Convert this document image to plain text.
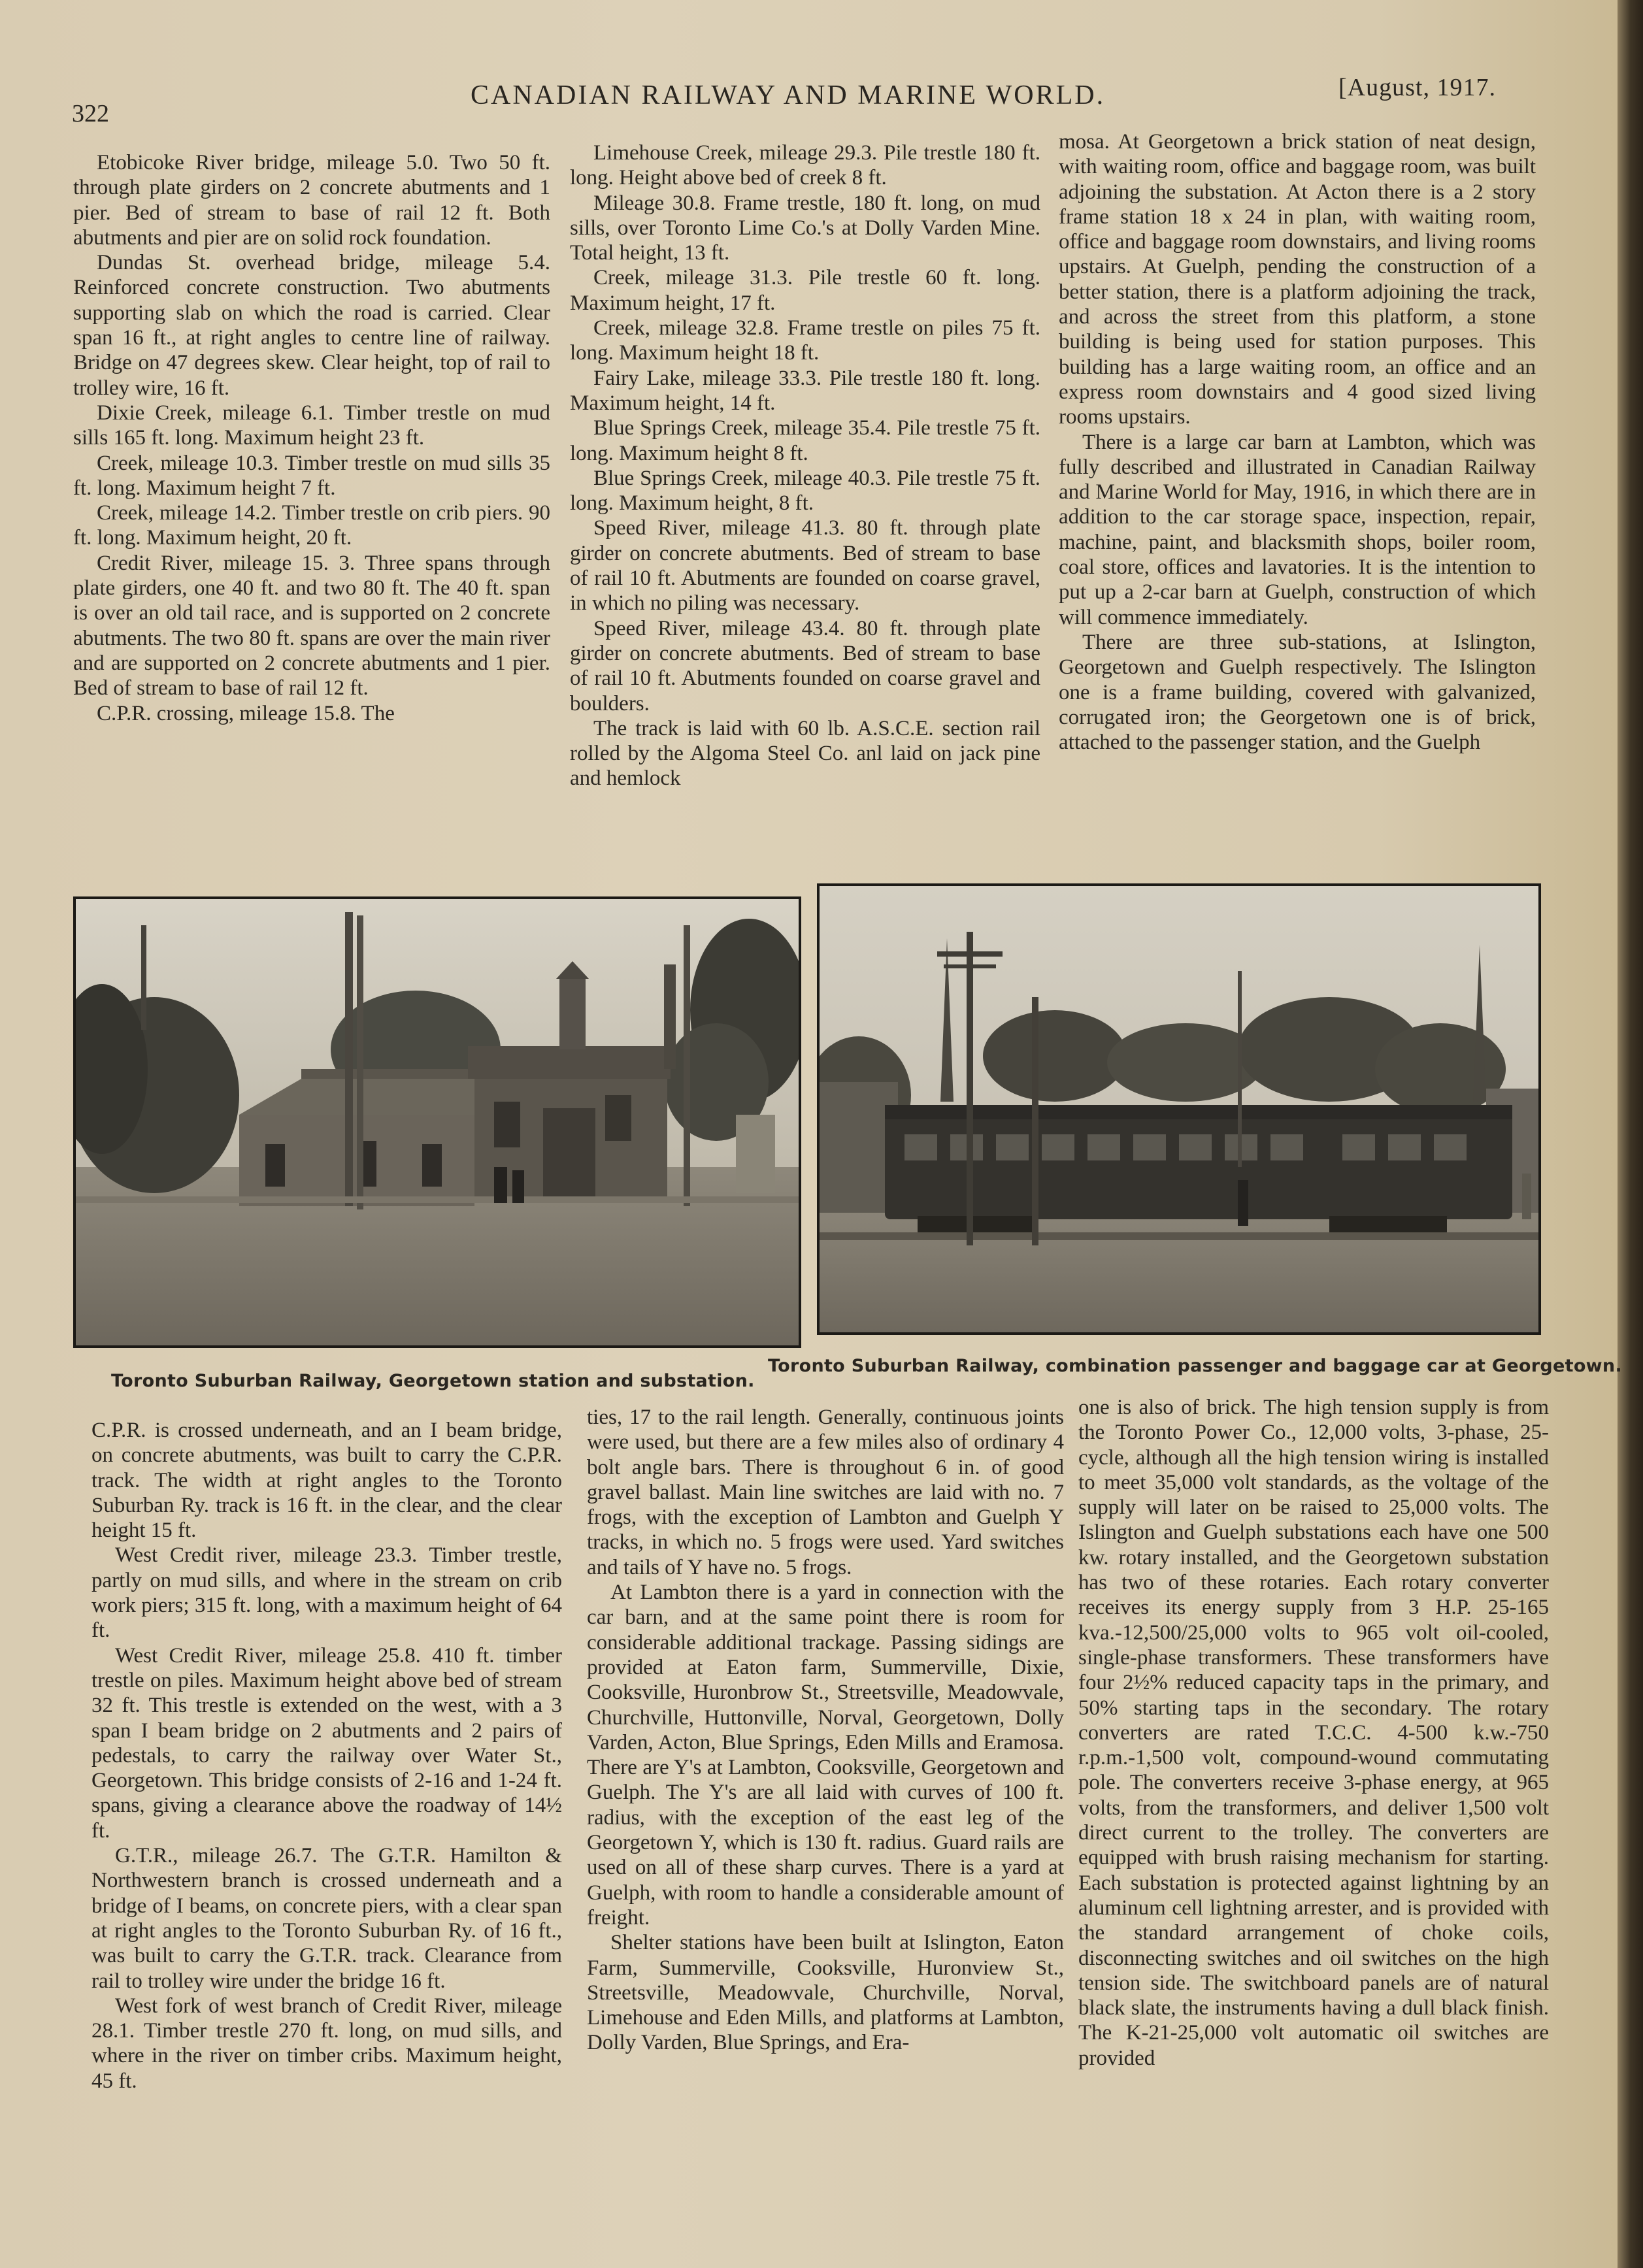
322
CANADIAN RAILWAY AND MARINE WORLD.	[August, 1917.

Etobicoke River bridge, mileage 5.0. Two 50 ft. through plate girders on 2 concrete abutments and 1 pier. Bed of stream to base of rail 12 ft. Both abutments and pier are on solid rock foundation.

Dundas St. overhead bridge, mileage 5.4. Reinforced concrete construction. Two abutments supporting slab on which the road is carried. Clear span 16 ft., at right angles to centre line of railway. Bridge on 47 degrees skew. Clear height, top of rail to trolley wire, 16 ft.

Dixie Creek, mileage 6.1. Timber trestle on mud sills 165 ft. long. Maximum height 23 ft.

Creek, mileage 10.3. Timber trestle on mud sills 35 ft. long. Maximum height 7 ft.

Creek, mileage 14.2. Timber trestle on crib piers. 90 ft. long. Maximum height, 20 ft.

Credit River, mileage 15. 3. Three spans through plate girders, one 40 ft. and two 80 ft. The 40 ft. span is over an old tail race, and is supported on 2 concrete abutments. The two 80 ft. spans are over the main river and are supported on 2 concrete abutments and 1 pier. Bed of stream to base of rail 12 ft.

C.P.R. crossing, mileage 15.8. The

Limehouse Creek, mileage 29.3. Pile trestle 180 ft. long. Height above bed of creek 8 ft.

Mileage 30.8. Frame trestle, 180 ft. long, on mud sills, over Toronto Lime Co.'s at Dolly Varden Mine. Total height, 13 ft.

Creek, mileage 31.3. Pile trestle 60 ft. long. Maximum height, 17 ft.

Creek, mileage 32.8. Frame trestle on piles 75 ft. long. Maximum height 18 ft.

Fairy Lake, mileage 33.3. Pile trestle 180 ft. long. Maximum height, 14 ft.

Blue Springs Creek, mileage 35.4. Pile trestle 75 ft. long. Maximum height 8 ft.

Blue Springs Creek, mileage 40.3. Pile trestle 75 ft. long. Maximum height, 8 ft.

Speed River, mileage 41.3. 80 ft. through plate girder on concrete abutments. Bed of stream to base of rail 10 ft. Abutments are founded on coarse gravel, in which no piling was necessary.

Speed River, mileage 43.4. 80 ft. through plate girder on concrete abutments. Bed of stream to base of rail 10 ft. Abutments founded on coarse gravel and boulders.

The track is laid with 60 lb. A.S.C.E. section rail rolled by the Algoma Steel Co. anl laid on jack pine and hemlock

mosa. At Georgetown a brick station of neat design, with waiting room, office and baggage room, was built adjoining the substation. At Acton there is a 2 story frame station 18 x 24 in plan, with waiting room, office and baggage room downstairs, and living rooms upstairs. At Guelph, pending the construction of a better station, there is a platform adjoining the track, and across the street from this platform, a stone building is being used for station purposes. This building has a large waiting room, an office and an express room downstairs and 4 good sized living rooms upstairs.

There is a large car barn at Lambton, which was fully described and illustrated in Canadian Railway and Marine World for May, 1916, in which there are in addition to the car storage space, inspection, repair, machine, paint, and blacksmith shops, boiler room, coal store, offices and lavatories. It is the intention to put up a 2-car barn at Guelph, construction of which will commence immediately.

There are three sub-stations, at Islington, Georgetown and Guelph respectively. The Islington one is a frame building, covered with galvanized, corrugated iron; the Georgetown one is of brick, attached to the passenger station, and the Guelph

Toronto Suburban Railway, Georgetown station and substation.
Toronto Suburban Railway, combination passenger and baggage car at Georgetown.

C.P.R. is crossed underneath, and an I beam bridge, on concrete abutments, was built to carry the C.P.R. track. The width at right angles to the Toronto Suburban Ry. track is 16 ft. in the clear, and the clear height 15 ft.

West Credit river, mileage 23.3. Timber trestle, partly on mud sills, and where in the stream on crib work piers; 315 ft. long, with a maximum height of 64 ft.

West Credit River, mileage 25.8. 410 ft. timber trestle on piles. Maximum height above bed of stream 32 ft. This trestle is extended on the west, with a 3 span I beam bridge on 2 abutments and 2 pairs of pedestals, to carry the railway over Water St., Georgetown. This bridge consists of 2-16 and 1-24 ft. spans, giving a clearance above the roadway of 14½ ft.

G.T.R., mileage 26.7. The G.T.R. Hamilton & Northwestern branch is crossed underneath and a bridge of I beams, on concrete piers, with a clear span at right angles to the Toronto Suburban Ry. of 16 ft., was built to carry the G.T.R. track. Clearance from rail to trolley wire under the bridge 16 ft.

West fork of west branch of Credit River, mileage 28.1. Timber trestle 270 ft. long, on mud sills, and where in the river on timber cribs. Maximum height, 45 ft.

ties, 17 to the rail length. Generally, continuous joints were used, but there are a few miles also of ordinary 4 bolt angle bars. There is throughout 6 in. of good gravel ballast. Main line switches are laid with no. 7 frogs, with the exception of Lambton and Guelph Y tracks, in which no. 5 frogs were used. Yard switches and tails of Y have no. 5 frogs.

At Lambton there is a yard in connection with the car barn, and at the same point there is room for considerable additional trackage. Passing sidings are provided at Eaton farm, Summerville, Dixie, Cooksville, Huronbrow St., Streetsville, Meadowvale, Churchville, Huttonville, Norval, Georgetown, Dolly Varden, Acton, Blue Springs, Eden Mills and Eramosa. There are Y's at Lambton, Cooksville, Georgetown and Guelph. The Y's are all laid with curves of 100 ft. radius, with the exception of the east leg of the Georgetown Y, which is 130 ft. radius. Guard rails are used on all of these sharp curves. There is a yard at Guelph, with room to handle a considerable amount of freight.

Shelter stations have been built at Islington, Eaton Farm, Summerville, Cooksville, Huronview St., Streetsville, Meadowvale, Churchville, Norval, Limehouse and Eden Mills, and platforms at Lambton, Dolly Varden, Blue Springs, and Era-

one is also of brick. The high tension supply is from the Toronto Power Co., 12,000 volts, 3-phase, 25-cycle, although all the high tension wiring is installed to meet 35,000 volt standards, as the voltage of the supply will later on be raised to 25,000 volts. The Islington and Guelph substations each have one 500 kw. rotary installed, and the Georgetown substation has two of these rotaries. Each rotary converter receives its energy supply from 3 H.P. 25-165 kva.-12,500/25,000 volts to 965 volt oil-cooled, single-phase transformers. These transformers have four 2½% reduced capacity taps in the primary, and 50% starting taps in the secondary. The rotary converters are rated T.C.C. 4-500 k.w.-750 r.p.m.-1,500 volt, compound-wound commutating pole. The converters receive 3-phase energy, at 965 volts, from the transformers, and deliver 1,500 volt direct current to the trolley. The converters are equipped with brush raising mechanism for starting. Each substation is protected against lightning by an aluminum cell lightning arrester, and is provided with the standard arrangement of choke coils, disconnecting switches and oil switches on the high tension side. The switchboard panels are of natural black slate, the instruments having a dull black finish. The K-21-25,000 volt automatic oil switches are provided
